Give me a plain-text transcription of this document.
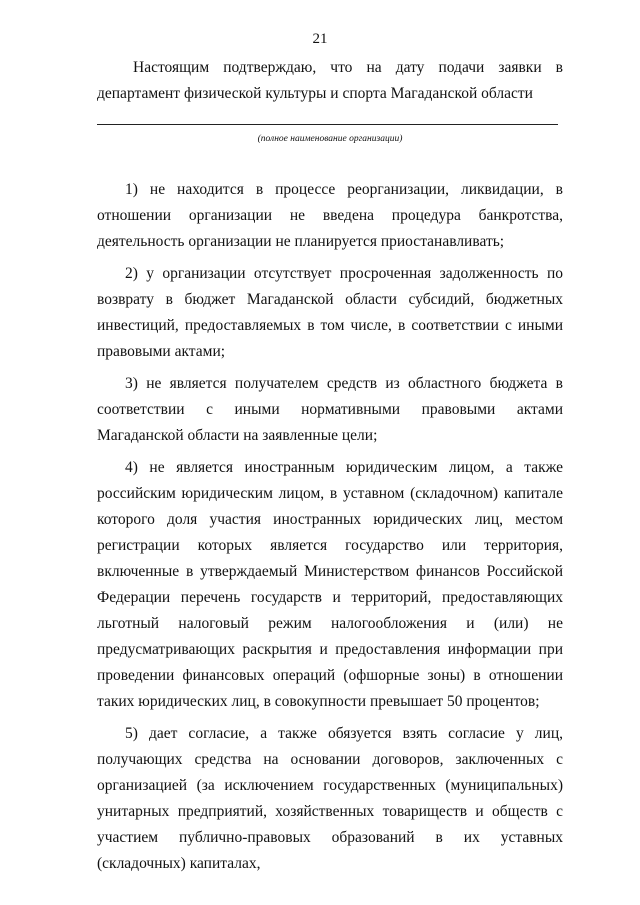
21

Настоящим подтверждаю, что на дату подачи заявки в департамент физической культуры и спорта Магаданской области

(полное наименование организации)

1) не находится в процессе реорганизации, ликвидации, в отношении организации не введена процедура банкротства, деятельность организации не планируется приостанавливать;

2) у организации отсутствует просроченная задолженность по возврату в бюджет Магаданской области субсидий, бюджетных инвестиций, предоставляемых в том числе, в соответствии с иными правовыми актами;

3) не является получателем средств из областного бюджета в соответствии с иными нормативными правовыми актами Магаданской области на заявленные цели;

4) не является иностранным юридическим лицом, а также российским юридическим лицом, в уставном (складочном) капитале которого доля участия иностранных юридических лиц, местом регистрации которых является государство или территория, включенные в утверждаемый Министерством финансов Российской Федерации перечень государств и территорий, предоставляющих льготный налоговый режим налогообложения и (или) не предусматривающих раскрытия и предоставления информации при проведении финансовых операций (офшорные зоны) в отношении таких юридических лиц, в совокупности превышает 50 процентов;

5) дает согласие, а также обязуется взять согласие у лиц, получающих средства на основании договоров, заключенных с организацией (за исключением государственных (муниципальных) унитарных предприятий, хозяйственных товариществ и обществ с участием публично-правовых образований в их уставных (складочных) капиталах,
